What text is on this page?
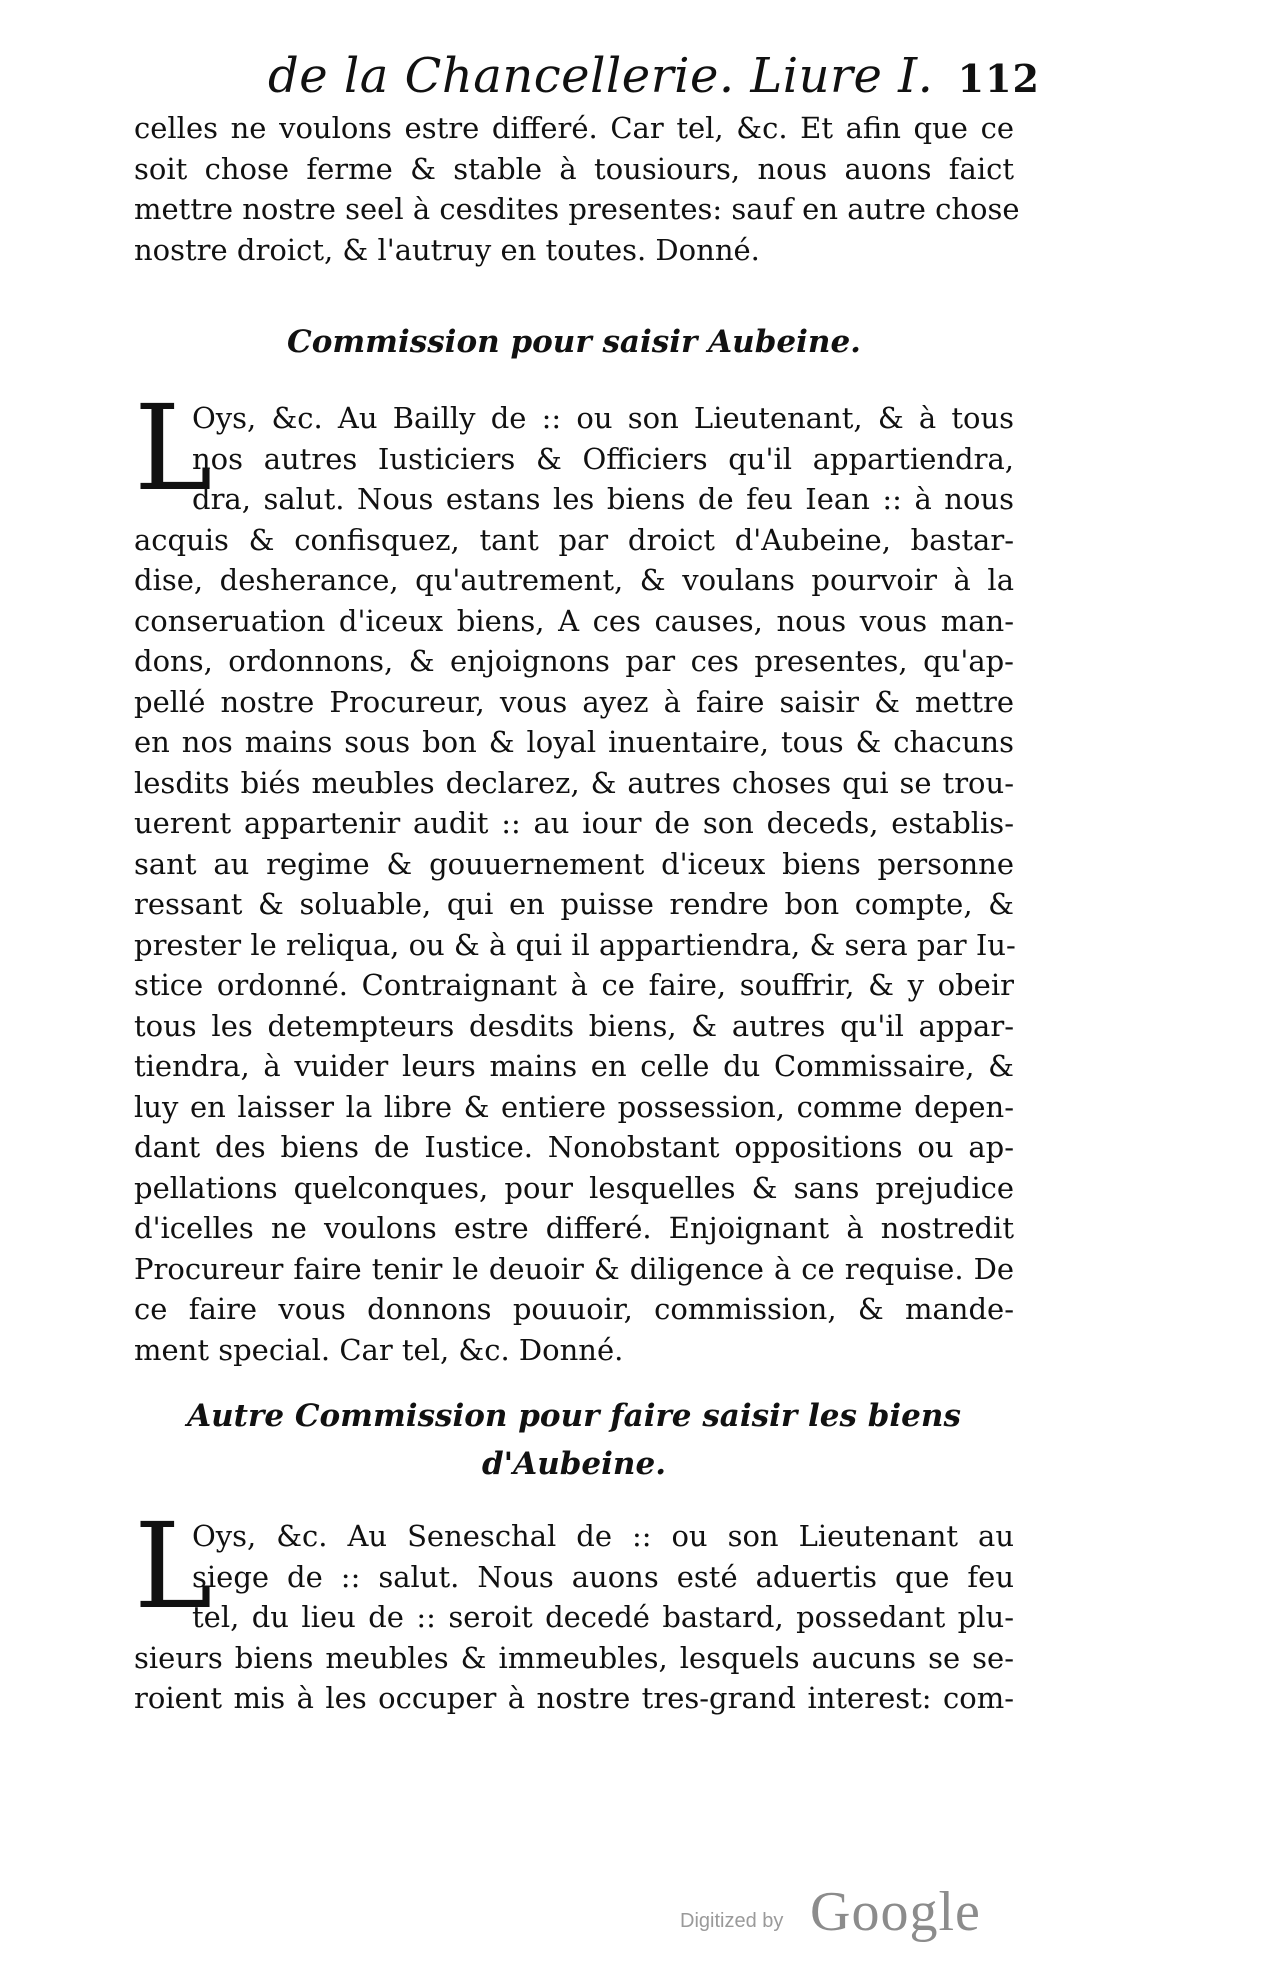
de la Chancellerie. Liure I. 112
celles ne voulons estre differé. Car tel, &c. Et afin que ce
soit chose ferme & stable à tousiours, nous auons faict
mettre nostre seel à cesdites presentes: sauf en autre chose
nostre droict, & l'autruy en toutes. Donné.
Commission pour saisir Aubeine.
L
Oys, &c. Au Bailly de :: ou son Lieutenant, & à tous
nos autres Iusticiers & Officiers qu'il appartiendra,
dra, salut. Nous estans les biens de feu Iean :: à nous
acquis & confisquez, tant par droict d'Aubeine, bastar-
dise, desherance, qu'autrement, & voulans pourvoir à la
conseruation d'iceux biens, A ces causes, nous vous man-
dons, ordonnons, & enjoignons par ces presentes, qu'ap-
pellé nostre Procureur, vous ayez à faire saisir & mettre
en nos mains sous bon & loyal inuentaire, tous & chacuns
lesdits biés meubles declarez, & autres choses qui se trou-
uerent appartenir audit :: au iour de son deceds, establis-
sant au regime & gouuernement d'iceux biens personne
ressant & soluable, qui en puisse rendre bon compte, &
prester le reliqua, ou & à qui il appartiendra, & sera par Iu-
stice ordonné. Contraignant à ce faire, souffrir, & y obeir
tous les detempteurs desdits biens, & autres qu'il appar-
tiendra, à vuider leurs mains en celle du Commissaire, &
luy en laisser la libre & entiere possession, comme depen-
dant des biens de Iustice. Nonobstant oppositions ou ap-
pellations quelconques, pour lesquelles & sans prejudice
d'icelles ne voulons estre differé. Enjoignant à nostredit
Procureur faire tenir le deuoir & diligence à ce requise. De
ce faire vous donnons pouuoir, commission, & mande-
ment special. Car tel, &c. Donné.
Autre Commission pour faire saisir les biens
d'Aubeine.
L
Oys, &c. Au Seneschal de :: ou son Lieutenant au
siege de :: salut. Nous auons esté aduertis que feu
tel, du lieu de :: seroit decedé bastard, possedant plu-
sieurs biens meubles & immeubles, lesquels aucuns se se-
roient mis à les occuper à nostre tres-grand interest: com-
Digitized by Google
